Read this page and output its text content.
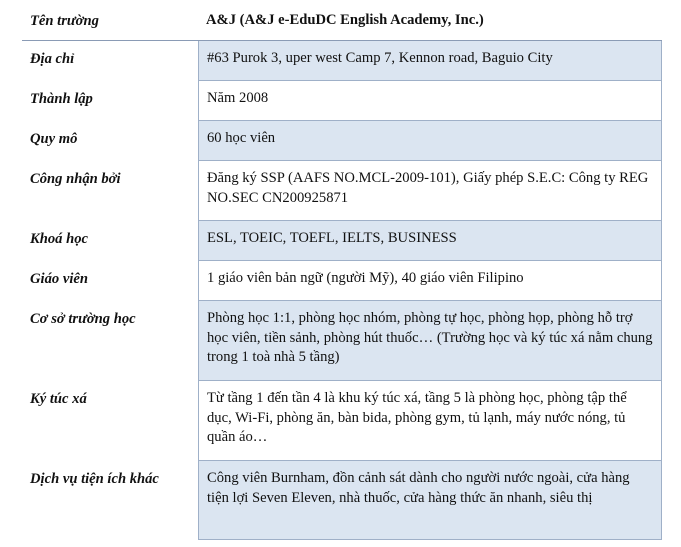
Tên trường	A&J (A&J e-EduDC English Academy, Inc.)
Địa chỉ	#63 Purok 3, uper west Camp 7, Kennon road, Baguio City
Thành lập	Năm 2008
Quy mô	60 học viên
Công nhận bởi	Đăng ký SSP (AAFS NO.MCL-2009-101), Giấy phép S.E.C: Công ty REG NO.SEC CN200925871
Khoá học	ESL, TOEIC, TOEFL, IELTS, BUSINESS
Giáo viên	1 giáo viên bản ngữ (người Mỹ), 40 giáo viên Filipino
Cơ sở trường học	Phòng học 1:1, phòng học nhóm, phòng tự học, phòng họp, phòng hỗ trợ học viên, tiền sảnh, phòng hút thuốc… (Trường học và ký túc xá nằm chung trong 1 toà nhà 5 tầng)
Ký túc xá	Từ tầng 1 đến tần 4 là khu ký túc xá, tầng 5 là phòng học, phòng tập thể dục, Wi-Fi, phòng ăn, bàn bida, phòng gym, tủ lạnh, máy nước nóng, tủ quần áo…
Dịch vụ tiện ích khác	Công viên Burnham, đồn cảnh sát dành cho người nước ngoài, cửa hàng tiện lợi Seven Eleven, nhà thuốc, cửa hàng thức ăn nhanh, siêu thị
